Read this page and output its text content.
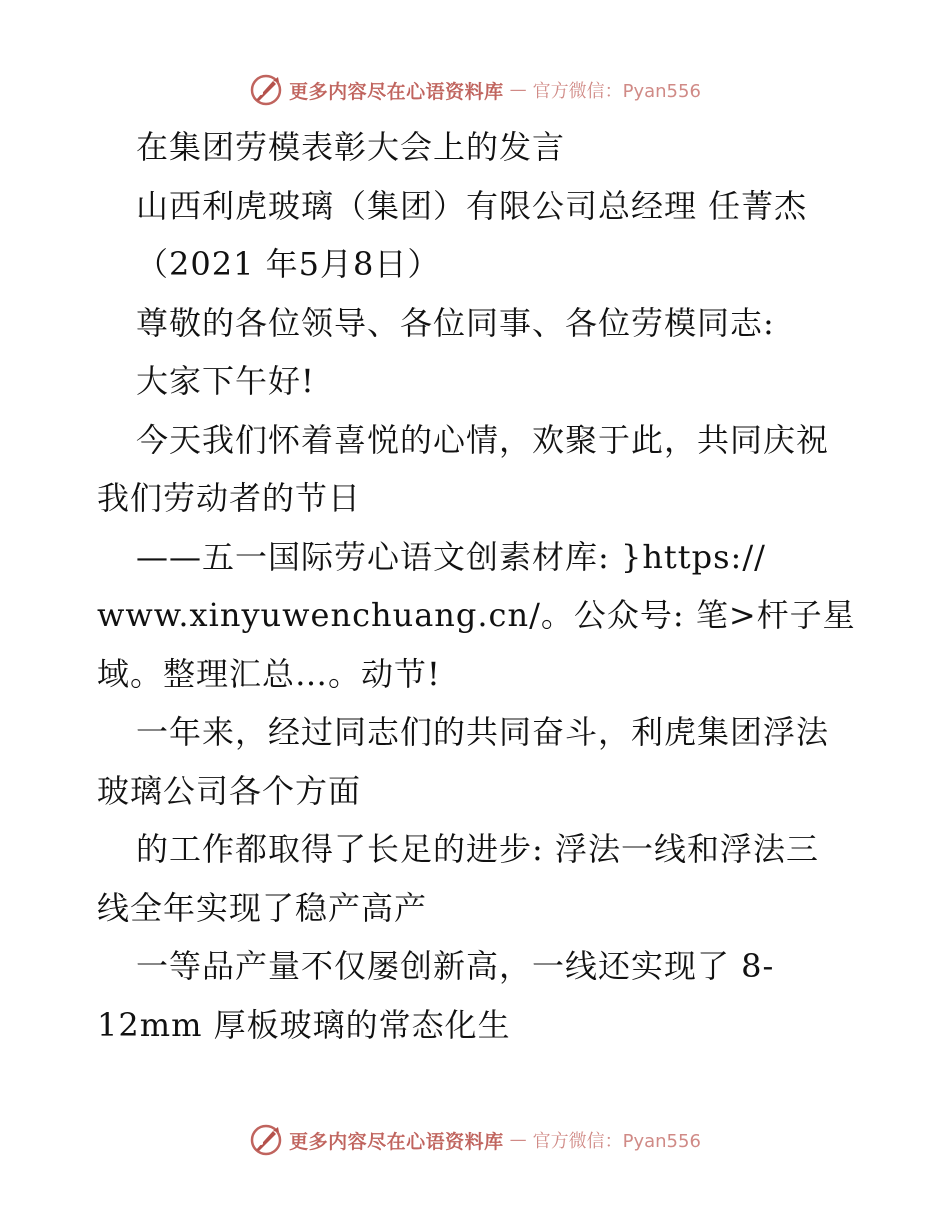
更多内容尽在心语资料库 — 官方微信：Pyan556
在集团劳模表彰大会上的发言
山西利虎玻璃（集团）有限公司总经理 任菁杰
（2021 年5月8日）
尊敬的各位领导、各位同事、各位劳模同志:
大家下午好!
今天我们怀着喜悦的心情，欢聚于此，共同庆祝
我们劳动者的节日
——五一国际劳心语文创素材库: }https://
www.xinyuwenchuang.cn/。公众号: 笔>杆子星
域。整理汇总…。动节!
一年来，经过同志们的共同奋斗，利虎集团浮法
玻璃公司各个方面
的工作都取得了长足的进步: 浮法一线和浮法三
线全年实现了稳产高产
一等品产量不仅屡创新高，一线还实现了 8-
12mm 厚板玻璃的常态化生
更多内容尽在心语资料库 — 官方微信：Pyan556
